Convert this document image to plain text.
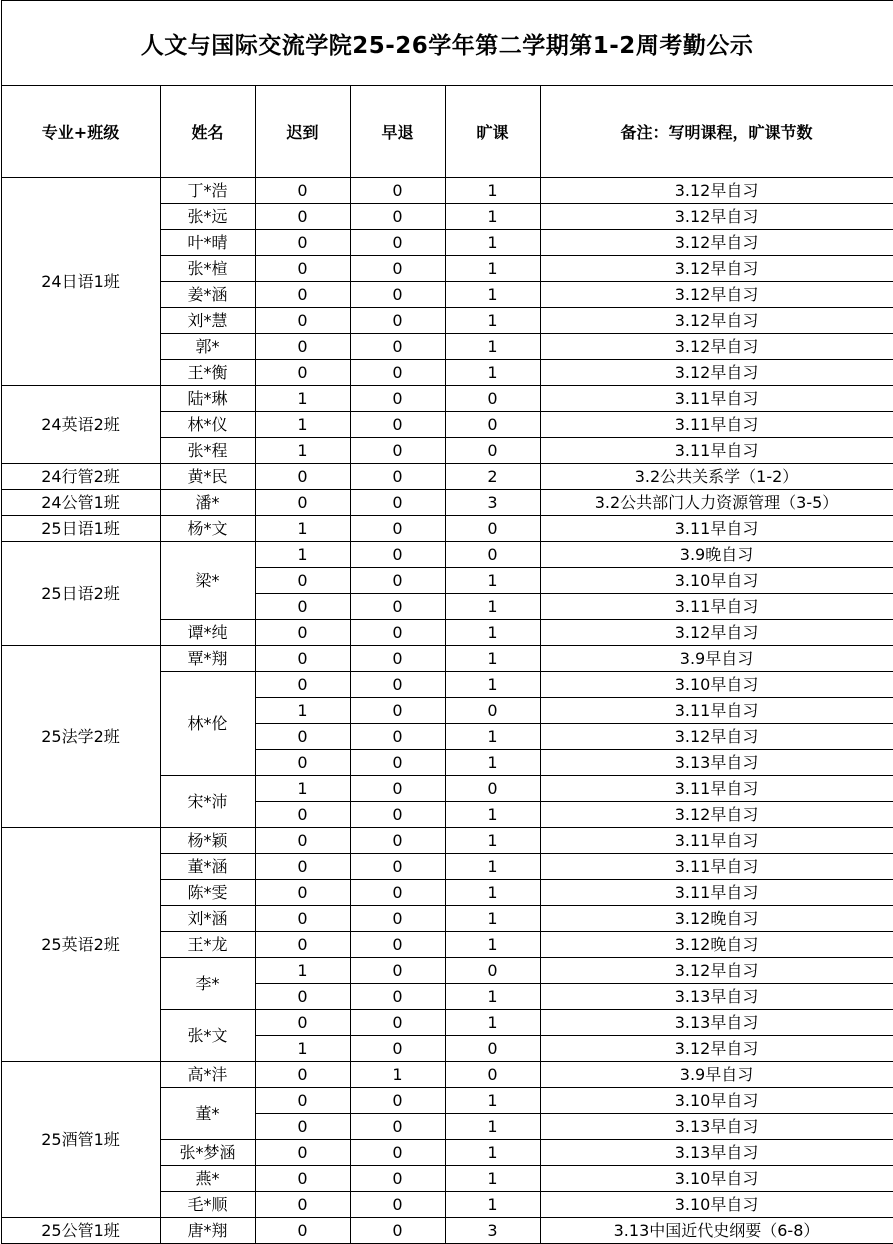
人文与国际交流学院25-26学年第二学期第1-2周考勤公示					
专业+班级	姓名	迟到	早退	旷课	备注：写明课程，旷课节数
24日语1班	丁*浩	0	0	1	3.12早自习
	张*远	0	0	1	3.12早自习
	叶*晴	0	0	1	3.12早自习
	张*楦	0	0	1	3.12早自习
	姜*涵	0	0	1	3.12早自习
	刘*慧	0	0	1	3.12早自习
	郭*	0	0	1	3.12早自习
	王*衡	0	0	1	3.12早自习
24英语2班	陆*琳	1	0	0	3.11早自习
	林*仪	1	0	0	3.11早自习
	张*程	1	0	0	3.11早自习
24行管2班	黄*民	0	0	2	3.2公共关系学（1-2）
24公管1班	潘*	0	0	3	3.2公共部门人力资源管理（3-5）
25日语1班	杨*文	1	0	0	3.11早自习
25日语2班	梁*	1	0	0	3.9晚自习
		0	0	1	3.10早自习
		0	0	1	3.11早自习
	谭*纯	0	0	1	3.12早自习
25法学2班	覃*翔	0	0	1	3.9早自习
	林*伦	0	0	1	3.10早自习
		1	0	0	3.11早自习
		0	0	1	3.12早自习
		0	0	1	3.13早自习
	宋*沛	1	0	0	3.11早自习
		0	0	1	3.12早自习
25英语2班	杨*颖	0	0	1	3.11早自习
	董*涵	0	0	1	3.11早自习
	陈*雯	0	0	1	3.11早自习
	刘*涵	0	0	1	3.12晚自习
	王*龙	0	0	1	3.12晚自习
	李*	1	0	0	3.12早自习
		0	0	1	3.13早自习
	张*文	0	0	1	3.13早自习
		1	0	0	3.12早自习
25酒管1班	高*沣	0	1	0	3.9早自习
	董*	0	0	1	3.10早自习
		0	0	1	3.13早自习
	张*梦涵	0	0	1	3.13早自习
	燕*	0	0	1	3.10早自习
	毛*顺	0	0	1	3.10早自习
25公管1班	唐*翔	0	0	3	3.13中国近代史纲要（6-8）
